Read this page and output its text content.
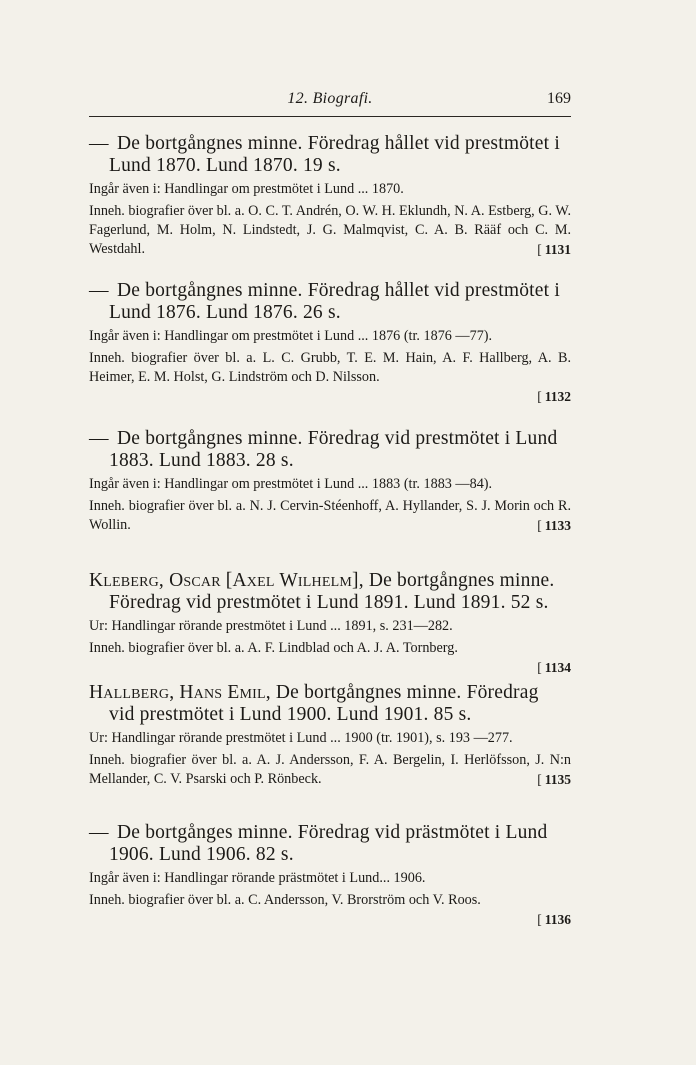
12. Biografi.	169
— De bortgångnes minne. Föredrag hållet vid prestmötet i
Lund 1870. Lund 1870. 19 s.
Ingår även i: Handlingar om prestmötet i Lund ... 1870.
Inneh. biografier över bl. a. O. C. T. Andrén, O. W. H. Eklundh, N. A. Estberg, G. W. Fagerlund, M. Holm, N. Lindstedt, J. G. Malmqvist, C. A. B. Rääf och C. M. Westdahl.	[ 1131
— De bortgångnes minne. Föredrag hållet vid prestmötet i
Lund 1876. Lund 1876. 26 s.
Ingår även i: Handlingar om prestmötet i Lund ... 1876 (tr. 1876 —77).
Inneh. biografier över bl. a. L. C. Grubb, T. E. M. Hain, A. F. Hallberg, A. B. Heimer, E. M. Holst, G. Lindström och D. Nilsson.
[ 1132
— De bortgångnes minne. Föredrag vid prestmötet i Lund
1883. Lund 1883. 28 s.
Ingår även i: Handlingar om prestmötet i Lund ... 1883 (tr. 1883 —84).
Inneh. biografier över bl. a. N. J. Cervin-Stéenhoff, A. Hyllander, S. J. Morin och R. Wollin.	[ 1133
Kleberg, Oscar [Axel Wilhelm], De bortgångnes minne.
Föredrag vid prestmötet i Lund 1891. Lund 1891. 52 s.
Ur: Handlingar rörande prestmötet i Lund ... 1891, s. 231—282.
Inneh. biografier över bl. a. A. F. Lindblad och A. J. A. Tornberg.
[ 1134
Hallberg, Hans Emil, De bortgångnes minne. Föredrag
vid prestmötet i Lund 1900. Lund 1901. 85 s.
Ur: Handlingar rörande prestmötet i Lund ... 1900 (tr. 1901), s. 193 —277.
Inneh. biografier över bl. a. A. J. Andersson, F. A. Bergelin, I. Herlöfsson, J. N:n Mellander, C. V. Psarski och P. Rönbeck.	[ 1135
— De bortgånges minne. Föredrag vid prästmötet i Lund
1906. Lund 1906. 82 s.
Ingår även i: Handlingar rörande prästmötet i Lund... 1906.
Inneh. biografier över bl. a. C. Andersson, V. Brorström och V. Roos.
[ 1136
